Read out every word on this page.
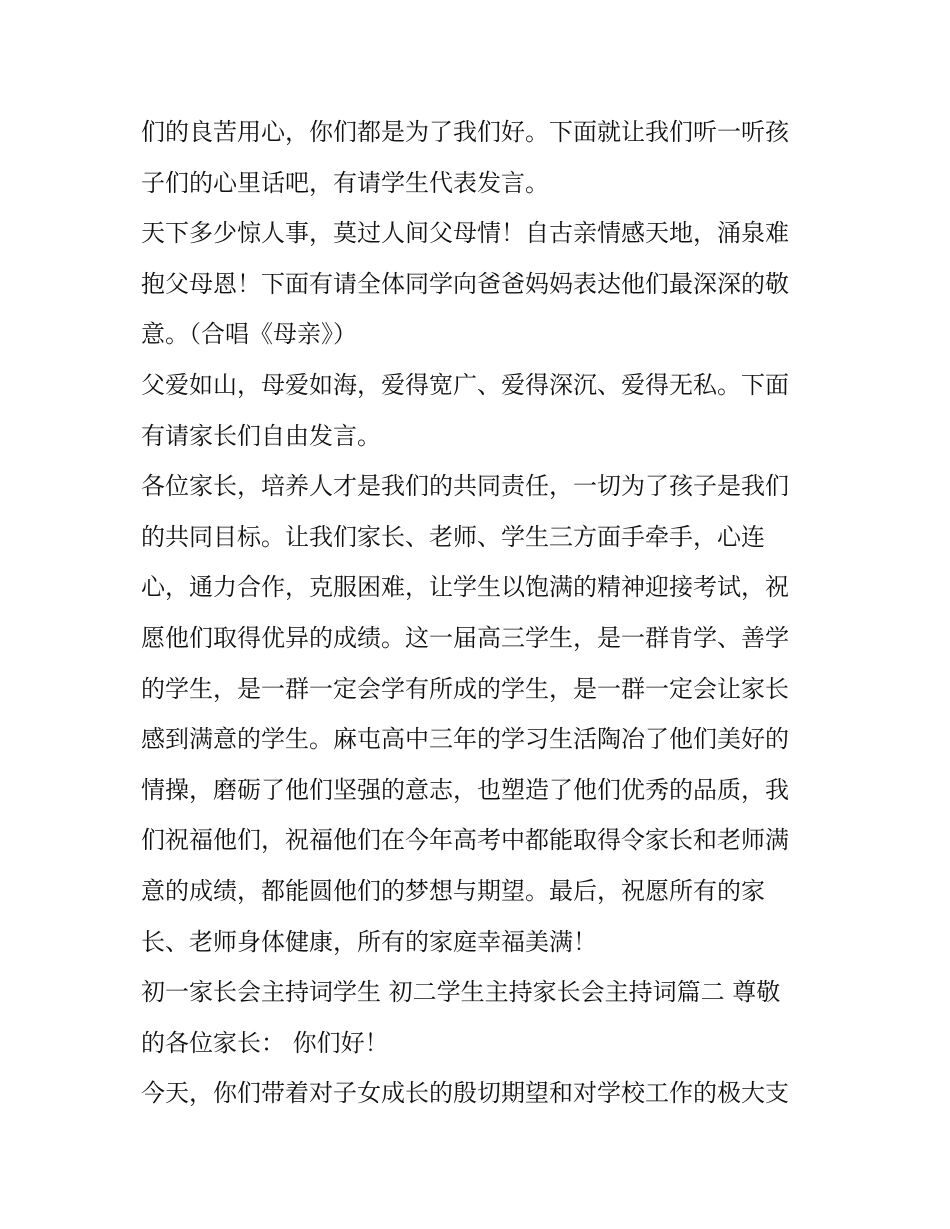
们的良苦用心，你们都是为了我们好。下面就让我们听一听孩
子们的心里话吧，有请学生代表发言。
天下多少惊人事，莫过人间父母情！自古亲情感天地，涌泉难
抱父母恩！下面有请全体同学向爸爸妈妈表达他们最深深的敬
意。（合唱《母亲》）
父爱如山，母爱如海，爱得宽广、爱得深沉、爱得无私。下面
有请家长们自由发言。
各位家长，培养人才是我们的共同责任，一切为了孩子是我们
的共同目标。让我们家长、老师、学生三方面手牵手，心连
心，通力合作，克服困难，让学生以饱满的精神迎接考试，祝
愿他们取得优异的成绩。这一届高三学生，是一群肯学、善学
的学生，是一群一定会学有所成的学生，是一群一定会让家长
感到满意的学生。麻屯高中三年的学习生活陶冶了他们美好的
情操，磨砺了他们坚强的意志，也塑造了他们优秀的品质，我
们祝福他们，祝福他们在今年高考中都能取得令家长和老师满
意的成绩，都能圆他们的梦想与期望。最后，祝愿所有的家
长、老师身体健康，所有的家庭幸福美满！
初一家长会主持词学生 初二学生主持家长会主持词篇二 尊敬
的各位家长： 你们好！
今天，你们带着对子女成长的殷切期望和对学校工作的极大支
